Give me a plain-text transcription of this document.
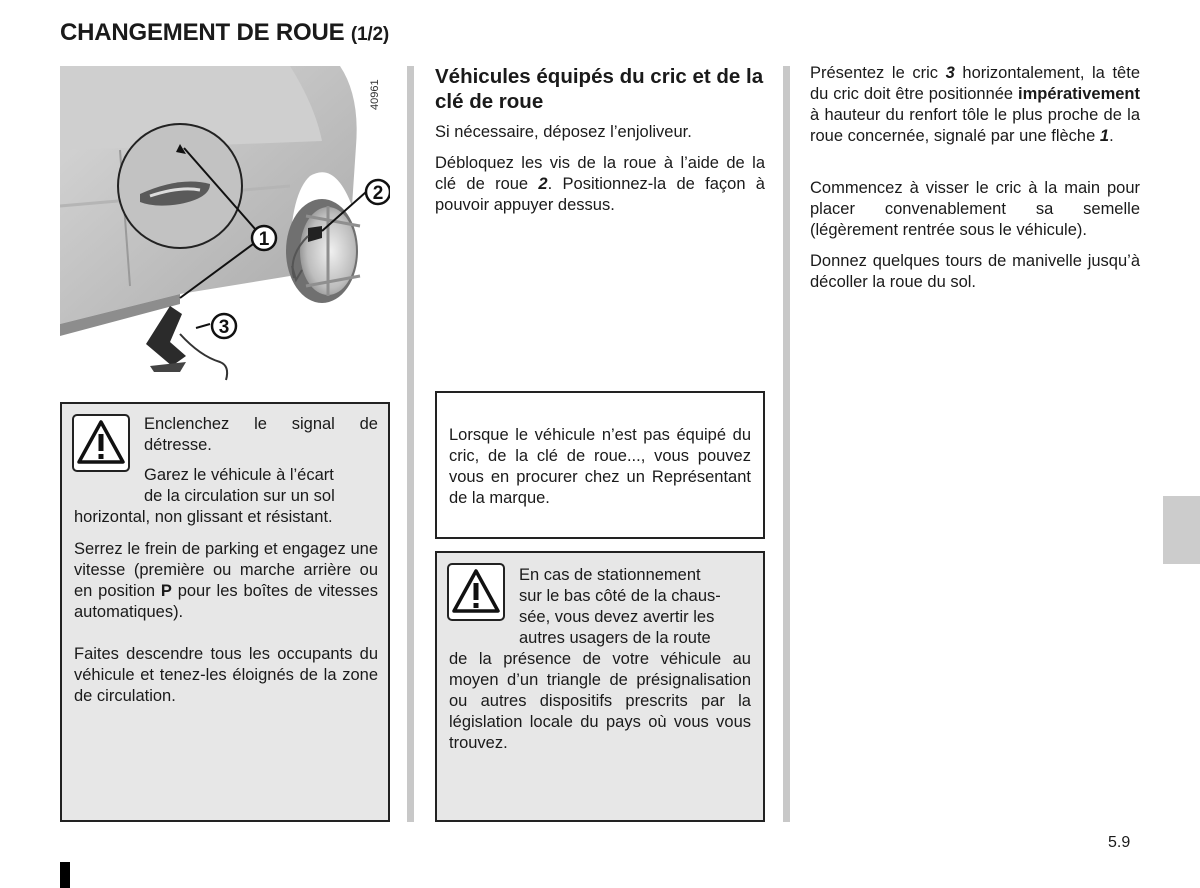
CHANGEMENT DE ROUE (1/2)
1
2
3
40961

Enclenchez le signal de détresse.

Garez le véhicule à l’écart

de la circulation sur un sol

horizontal, non glissant et résistant.

Serrez le frein de parking et engagez une vitesse (première ou marche arrière ou en position P pour les boîtes de vitesses automatiques).

Faites descendre tous les occupants du véhicule et tenez-les éloignés de la zone de circulation.

Véhicules équipés du cric et de la clé de roue

Si nécessaire, déposez l’enjoliveur.

Débloquez les vis de la roue à l’aide de la clé de roue 2. Positionnez-la de façon à pouvoir appuyer dessus.

Lorsque le véhicule n’est pas équipé du cric, de la clé de roue..., vous pouvez vous en procurer chez un Représentant de la marque.

En cas de stationnement

sur le bas côté de la chaus-

sée, vous devez avertir les

autres usagers de la route

de la présence de votre véhicule au moyen d’un triangle de présignalisation ou autres dispositifs prescrits par la législation locale du pays où vous vous trouvez.

Présentez le cric 3 horizontalement, la tête du cric doit être positionnée impérativement à hauteur du renfort tôle le plus proche de la roue concernée, signalé par une flèche 1.

Commencez à visser le cric à la main pour placer convenablement sa semelle (légèrement rentrée sous le véhicule).

Donnez quelques tours de manivelle jusqu’à décoller la roue du sol.

5.9
